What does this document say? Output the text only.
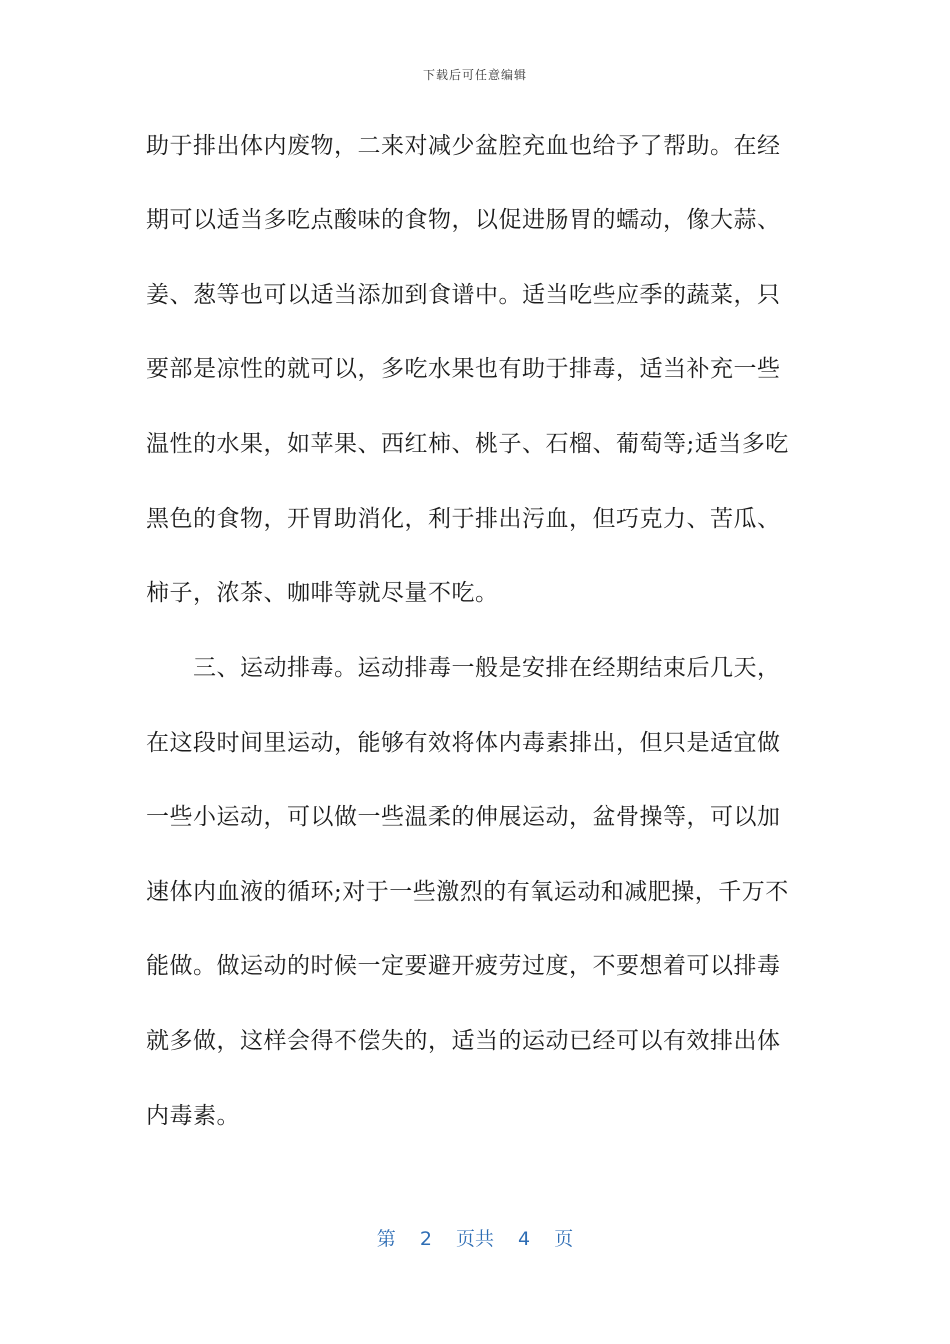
下载后可任意编辑
助于排出体内废物，二来对减少盆腔充血也给予了帮助。在经
期可以适当多吃点酸味的食物，以促进肠胃的蠕动，像大蒜、
姜、葱等也可以适当添加到食谱中。适当吃些应季的蔬菜，只
要部是凉性的就可以，多吃水果也有助于排毒，适当补充一些
温性的水果，如苹果、西红柿、桃子、石榴、葡萄等;适当多吃
黑色的食物，开胃助消化，利于排出污血，但巧克力、苦瓜、
柿子，浓茶、咖啡等就尽量不吃。
三、运动排毒。运动排毒一般是安排在经期结束后几天，
在这段时间里运动，能够有效将体内毒素排出，但只是适宜做
一些小运动，可以做一些温柔的伸展运动，盆骨操等，可以加
速体内血液的循环;对于一些激烈的有氧运动和减肥操，千万不
能做。做运动的时候一定要避开疲劳过度，不要想着可以排毒
就多做，这样会得不偿失的，适当的运动已经可以有效排出体
内毒素。
第 2 页共 4 页
